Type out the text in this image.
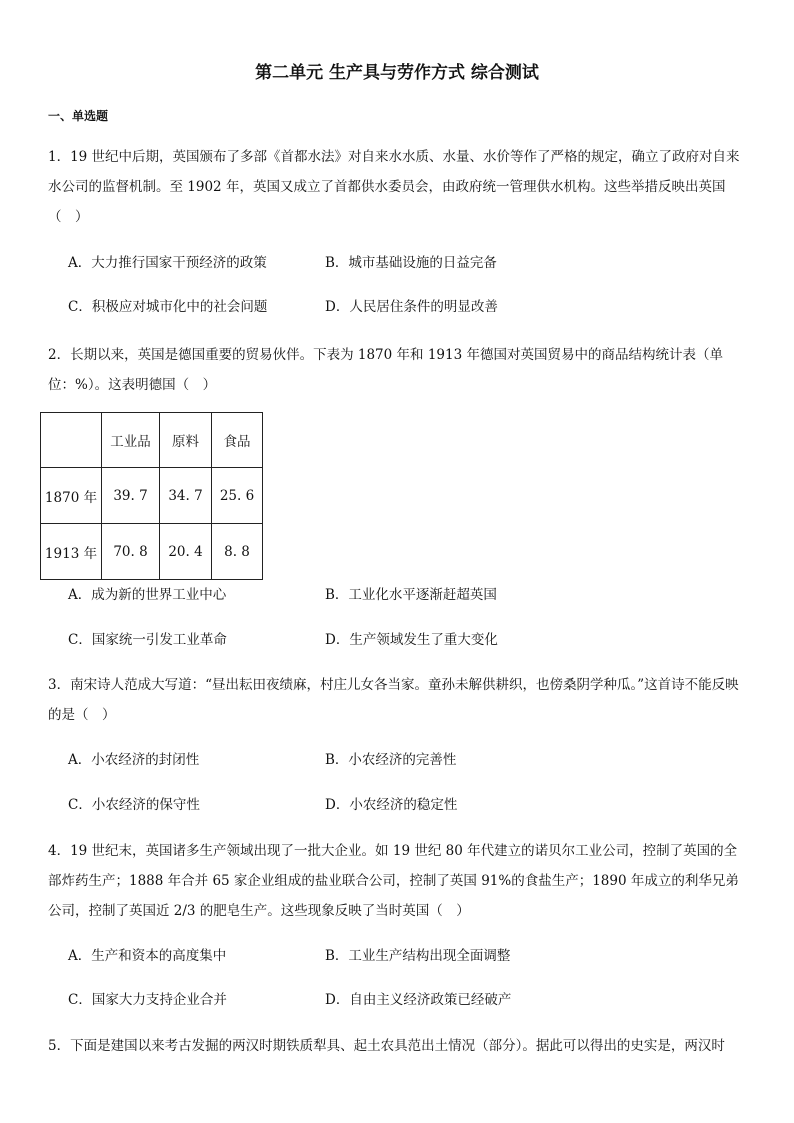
第二单元 生产具与劳作方式 综合测试
一、单选题

1．19 世纪中后期，英国颁布了多部《首都水法》对自来水水质、水量、水价等作了严格的规定，确立了政府对自来水公司的监督机制。至 1902 年，英国又成立了首都供水委员会，由政府统一管理供水机构。这些举措反映出英国（　）

A．大力推行国家干预经济的政策	B．城市基础设施的日益完备
C．积极应对城市化中的社会问题	D．人民居住条件的明显改善

2．长期以来，英国是德国重要的贸易伙伴。下表为 1870 年和 1913 年德国对英国贸易中的商品结构统计表（单位：%）。这表明德国（　）

	工业品	原料	食品
1870 年	39. 7	34. 7	25. 6
1913 年	70. 8	20. 4	8. 8
A．成为新的世界工业中心	B．工业化水平逐渐赶超英国
C．国家统一引发工业革命	D．生产领域发生了重大变化

3．南宋诗人范成大写道：“昼出耘田夜绩麻，村庄儿女各当家。童孙未解供耕织，也傍桑阴学种瓜。”这首诗不能反映的是（　）

A．小农经济的封闭性	B．小农经济的完善性
C．小农经济的保守性	D．小农经济的稳定性

4．19 世纪末，英国诸多生产领域出现了一批大企业。如 19 世纪 80 年代建立的诺贝尔工业公司，控制了英国的全部炸药生产；1888 年合并 65 家企业组成的盐业联合公司，控制了英国 91%的食盐生产；1890 年成立的利华兄弟公司，控制了英国近 2/3 的肥皂生产。这些现象反映了当时英国（　）

A．生产和资本的高度集中	B．工业生产结构出现全面调整
C．国家大力支持企业合并	D．自由主义经济政策已经破产

5．下面是建国以来考古发掘的两汉时期铁质犁具、起土农具范出土情况（部分）。据此可以得出的史实是，两汉时
